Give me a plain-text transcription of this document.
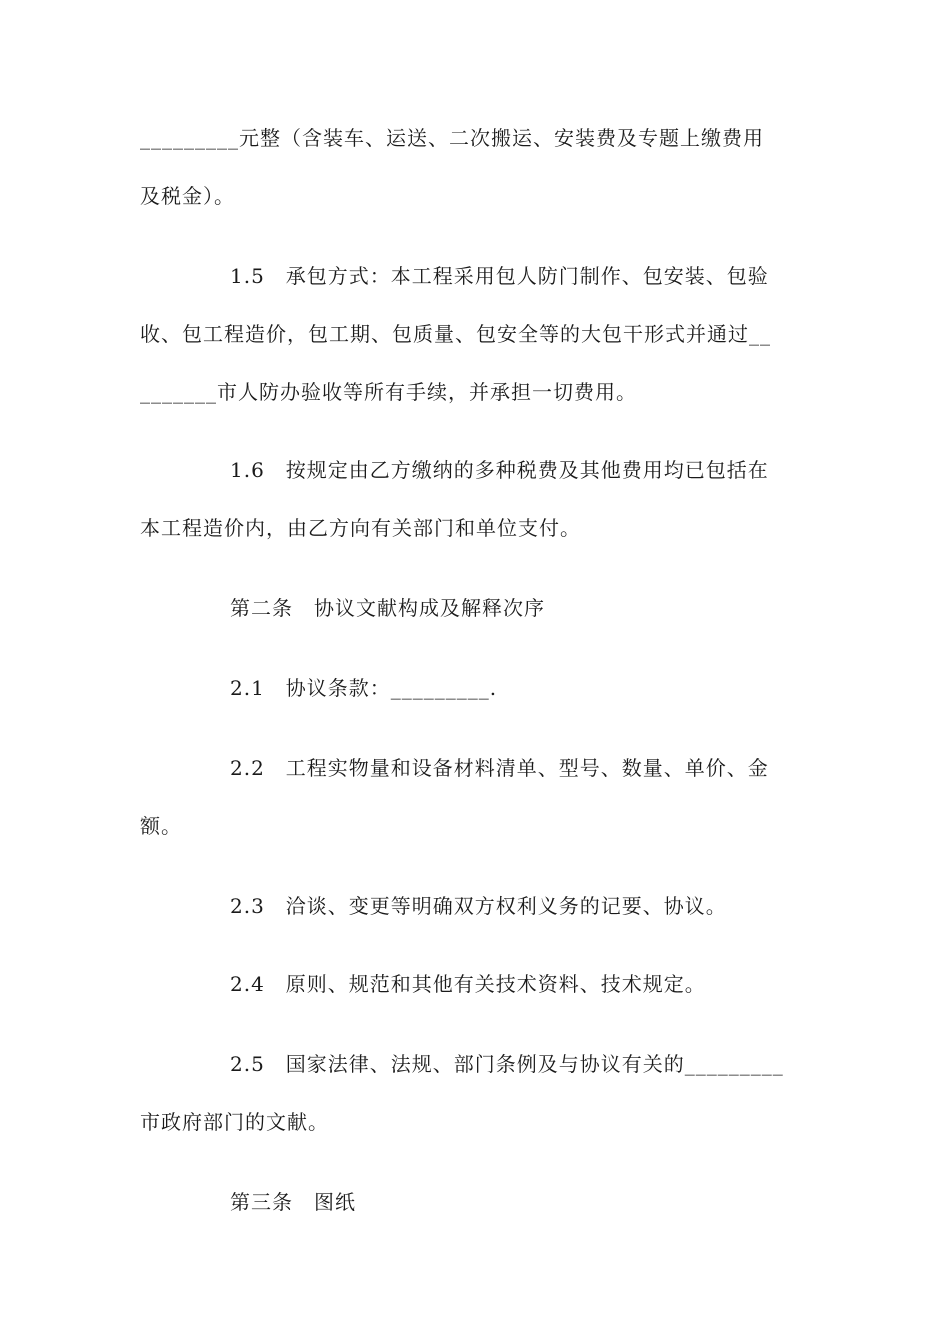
_________元整（含装车、运送、二次搬运、安装费及专题上缴费用
及税金）。
1.5　承包方式：本工程采用包人防门制作、包安装、包验
收、包工程造价，包工期、包质量、包安全等的大包干形式并通过__
_______市人防办验收等所有手续，并承担一切费用。
1.6　按规定由乙方缴纳的多种税费及其他费用均已包括在
本工程造价内，由乙方向有关部门和单位支付。
第二条　协议文献构成及解释次序
2.1　协议条款：_________.
2.2　工程实物量和设备材料清单、型号、数量、单价、金
额。
2.3　洽谈、变更等明确双方权利义务的记要、协议。
2.4　原则、规范和其他有关技术资料、技术规定。
2.5　国家法律、法规、部门条例及与协议有关的_________
市政府部门的文献。
第三条　图纸
